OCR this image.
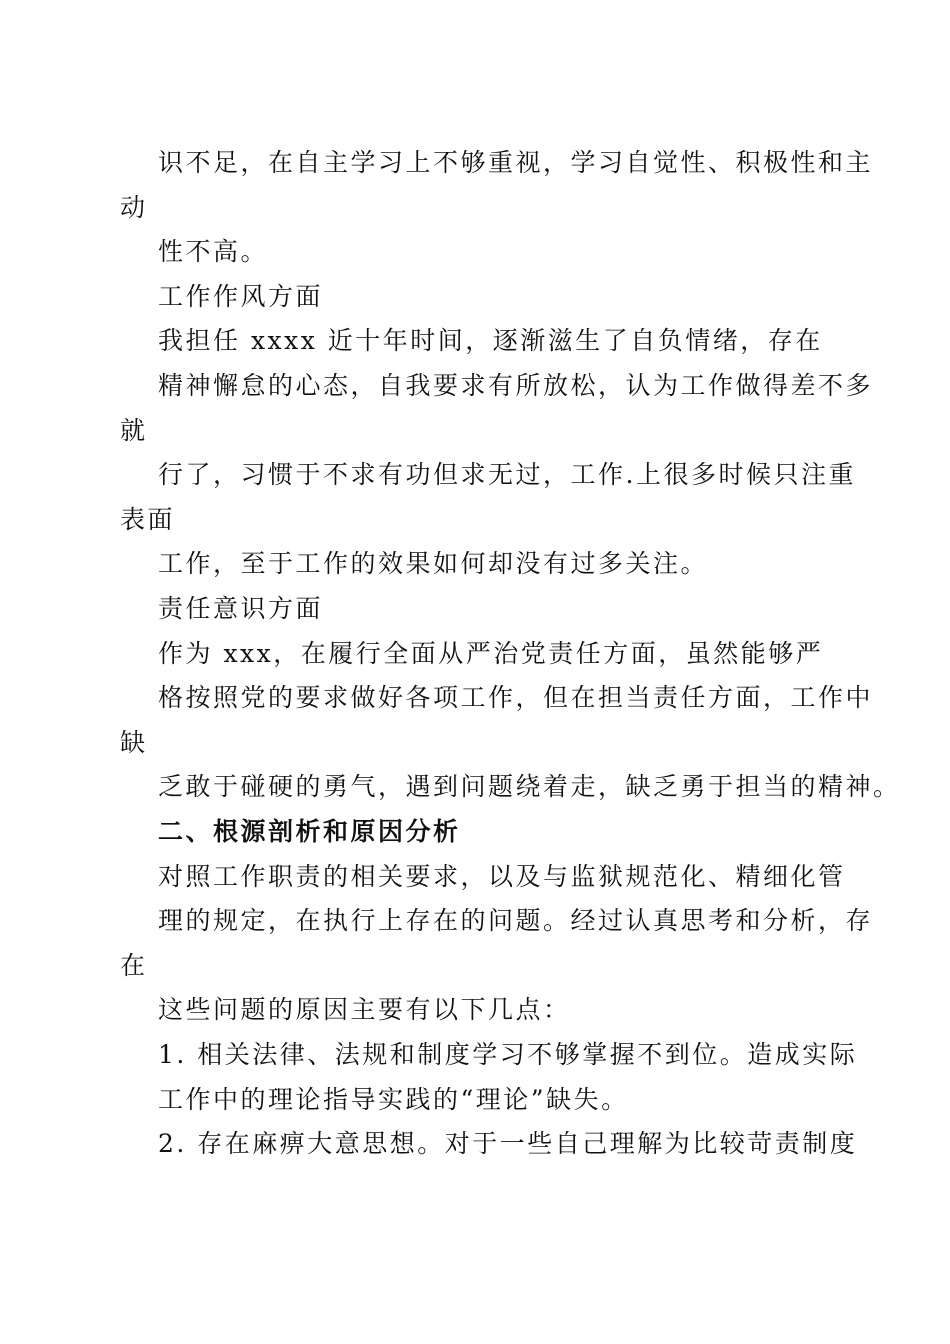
识不足，在自主学习上不够重视，学习自觉性、积极性和主
动
性不高。
工作作风方面
我担任 xxxx 近十年时间，逐渐滋生了自负情绪，存在
精神懈怠的心态，自我要求有所放松，认为工作做得差不多
就
行了，习惯于不求有功但求无过，工作.上很多时候只注重
表面
工作，至于工作的效果如何却没有过多关注。
责任意识方面
作为 xxx，在履行全面从严治党责任方面，虽然能够严
格按照党的要求做好各项工作，但在担当责任方面，工作中
缺
乏敢于碰硬的勇气，遇到问题绕着走，缺乏勇于担当的精神。
二、根源剖析和原因分析
对照工作职责的相关要求，以及与监狱规范化、精细化管
理的规定，在执行上存在的问题。经过认真思考和分析，存
在
这些问题的原因主要有以下几点：
1. 相关法律、法规和制度学习不够掌握不到位。造成实际
工作中的理论指导实践的“理论”缺失。
2. 存在麻痹大意思想。对于一些自己理解为比较苛责制度
